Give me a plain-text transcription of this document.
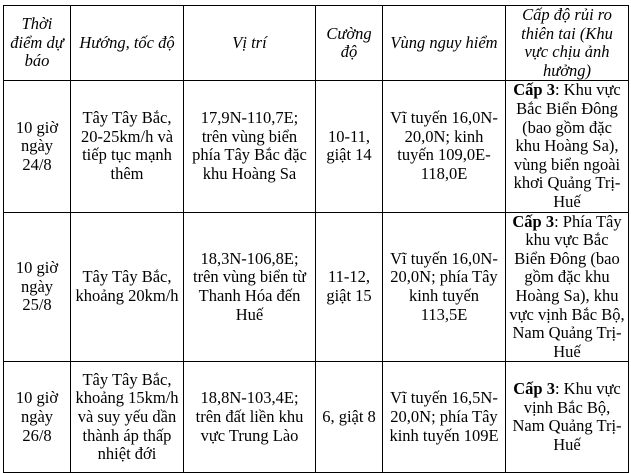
Thời điểm dự báo	Hướng, tốc độ	Vị trí	Cường độ	Vùng nguy hiểm	Cấp độ rủi ro thiên tai (Khu vực chịu ảnh hưởng)
10 giờ ngày 24/8	Tây Tây Bắc, 20-25km/h và tiếp tục mạnh thêm	17,9N-110,7E; trên vùng biển phía Tây Bắc đặc khu Hoàng Sa	10-11, giật 14	Vĩ tuyến 16,0N-20,0N; kinh tuyến 109,0E-118,0E	Cấp 3: Khu vực Bắc Biển Đông (bao gồm đặc khu Hoàng Sa), vùng biển ngoài khơi Quảng Trị-Huế
10 giờ ngày 25/8	Tây Tây Bắc, khoảng 20km/h	18,3N-106,8E; trên vùng biển từ Thanh Hóa đến Huế	11-12, giật 15	Vĩ tuyến 16,0N-20,0N; phía Tây kinh tuyến 113,5E	Cấp 3: Phía Tây khu vực Bắc Biển Đông (bao gồm đặc khu Hoàng Sa), khu vực vịnh Bắc Bộ, Nam Quảng Trị-Huế
10 giờ ngày 26/8	Tây Tây Bắc, khoảng 15km/h và suy yếu dần thành áp thấp nhiệt đới	18,8N-103,4E; trên đất liền khu vực Trung Lào	6, giật 8	Vĩ tuyến 16,5N-20,0N; phía Tây kinh tuyến 109E	Cấp 3: Khu vực vịnh Bắc Bộ, Nam Quảng Trị-Huế
